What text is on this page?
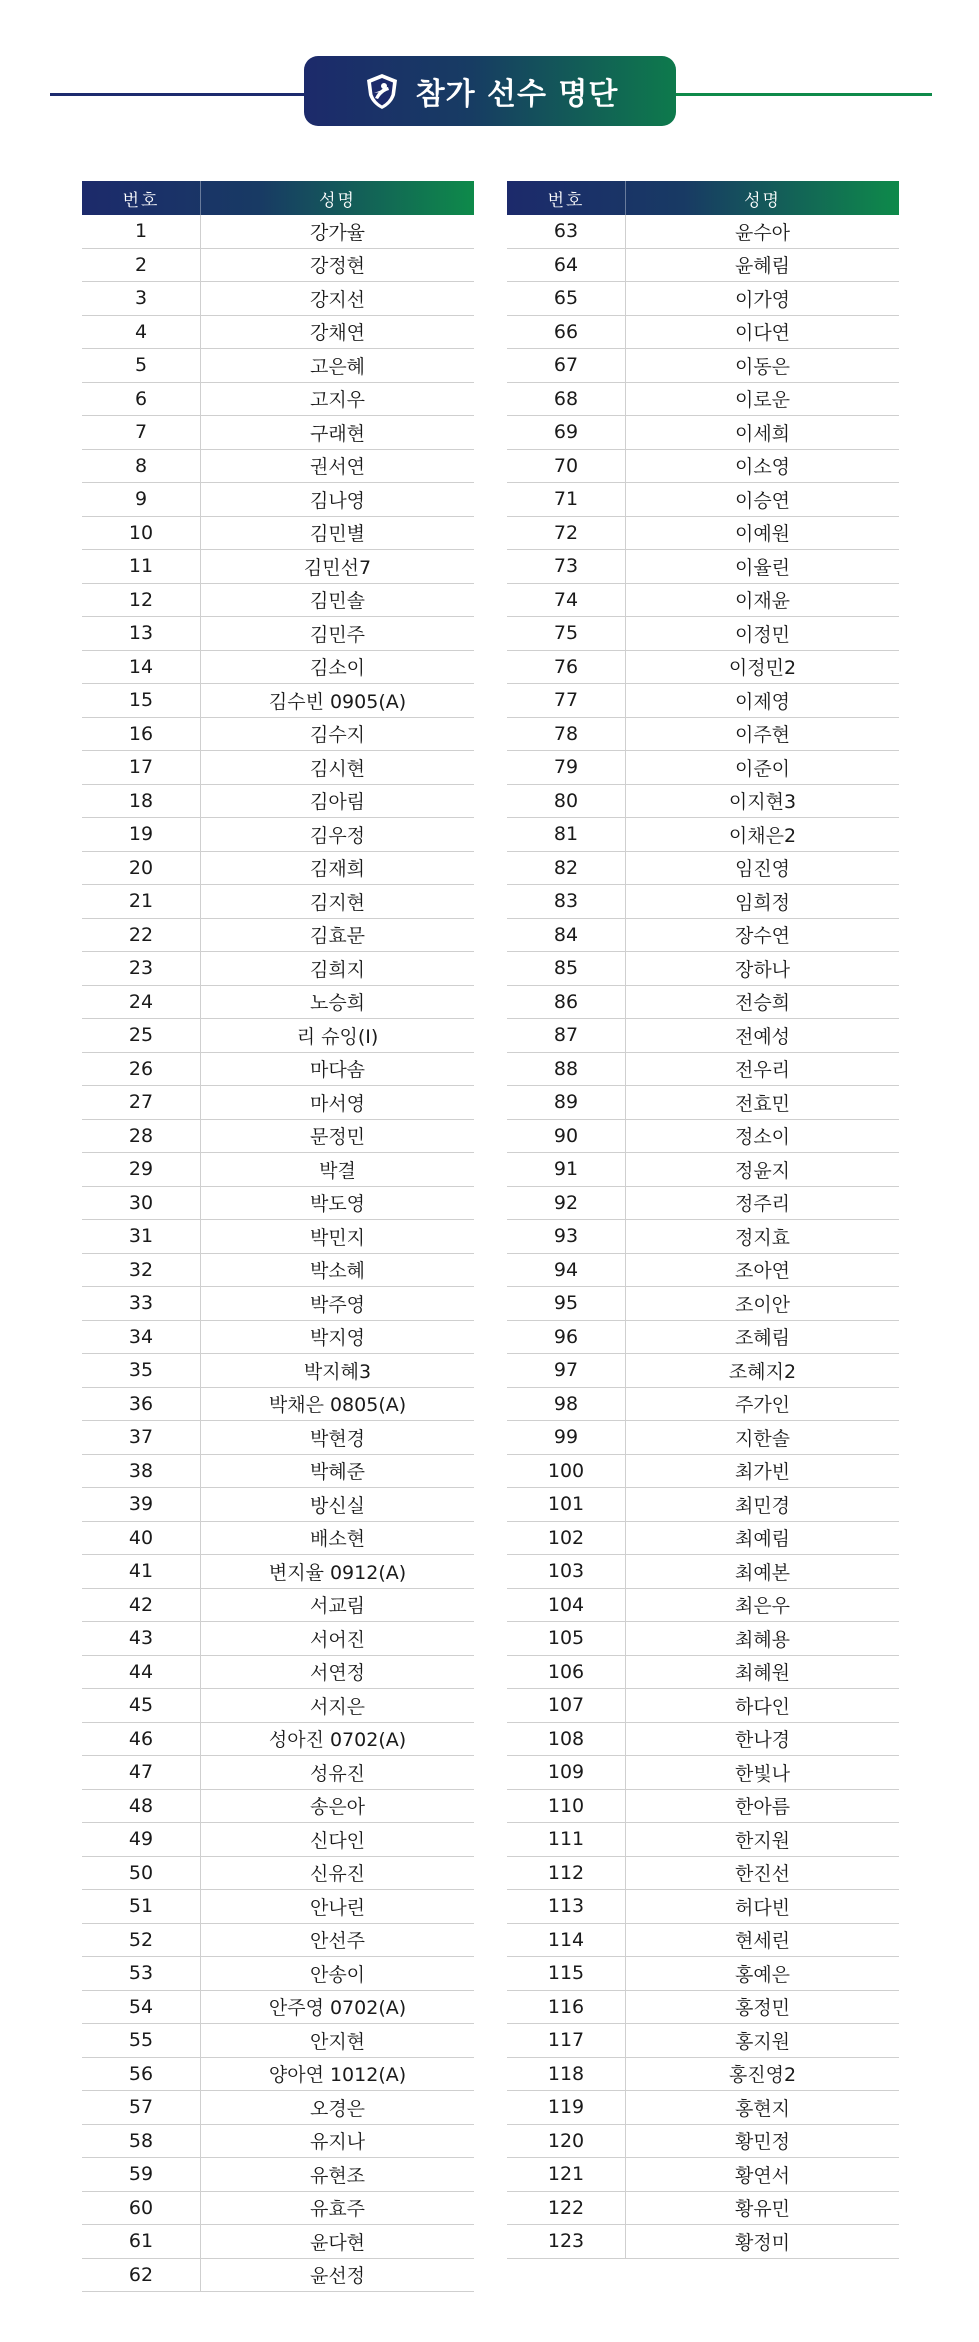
참가 선수 명단
번호	성명
1	강가율
2	강정현
3	강지선
4	강채연
5	고은혜
6	고지우
7	구래현
8	권서연
9	김나영
10	김민별
11	김민선7
12	김민솔
13	김민주
14	김소이
15	김수빈 0905(A)
16	김수지
17	김시현
18	김아림
19	김우정
20	김재희
21	김지현
22	김효문
23	김희지
24	노승희
25	리 슈잉(I)
26	마다솜
27	마서영
28	문정민
29	박결
30	박도영
31	박민지
32	박소혜
33	박주영
34	박지영
35	박지혜3
36	박채은 0805(A)
37	박현경
38	박혜준
39	방신실
40	배소현
41	변지율 0912(A)
42	서교림
43	서어진
44	서연정
45	서지은
46	성아진 0702(A)
47	성유진
48	송은아
49	신다인
50	신유진
51	안나린
52	안선주
53	안송이
54	안주영 0702(A)
55	안지현
56	양아연 1012(A)
57	오경은
58	유지나
59	유현조
60	유효주
61	윤다현
62	윤선정
번호	성명
63	윤수아
64	윤혜림
65	이가영
66	이다연
67	이동은
68	이로운
69	이세희
70	이소영
71	이승연
72	이예원
73	이율린
74	이재윤
75	이정민
76	이정민2
77	이제영
78	이주현
79	이준이
80	이지현3
81	이채은2
82	임진영
83	임희정
84	장수연
85	장하나
86	전승희
87	전예성
88	전우리
89	전효민
90	정소이
91	정윤지
92	정주리
93	정지효
94	조아연
95	조이안
96	조혜림
97	조혜지2
98	주가인
99	지한솔
100	최가빈
101	최민경
102	최예림
103	최예본
104	최은우
105	최혜용
106	최혜원
107	하다인
108	한나경
109	한빛나
110	한아름
111	한지원
112	한진선
113	허다빈
114	현세린
115	홍예은
116	홍정민
117	홍지원
118	홍진영2
119	홍현지
120	황민정
121	황연서
122	황유민
123	황정미
